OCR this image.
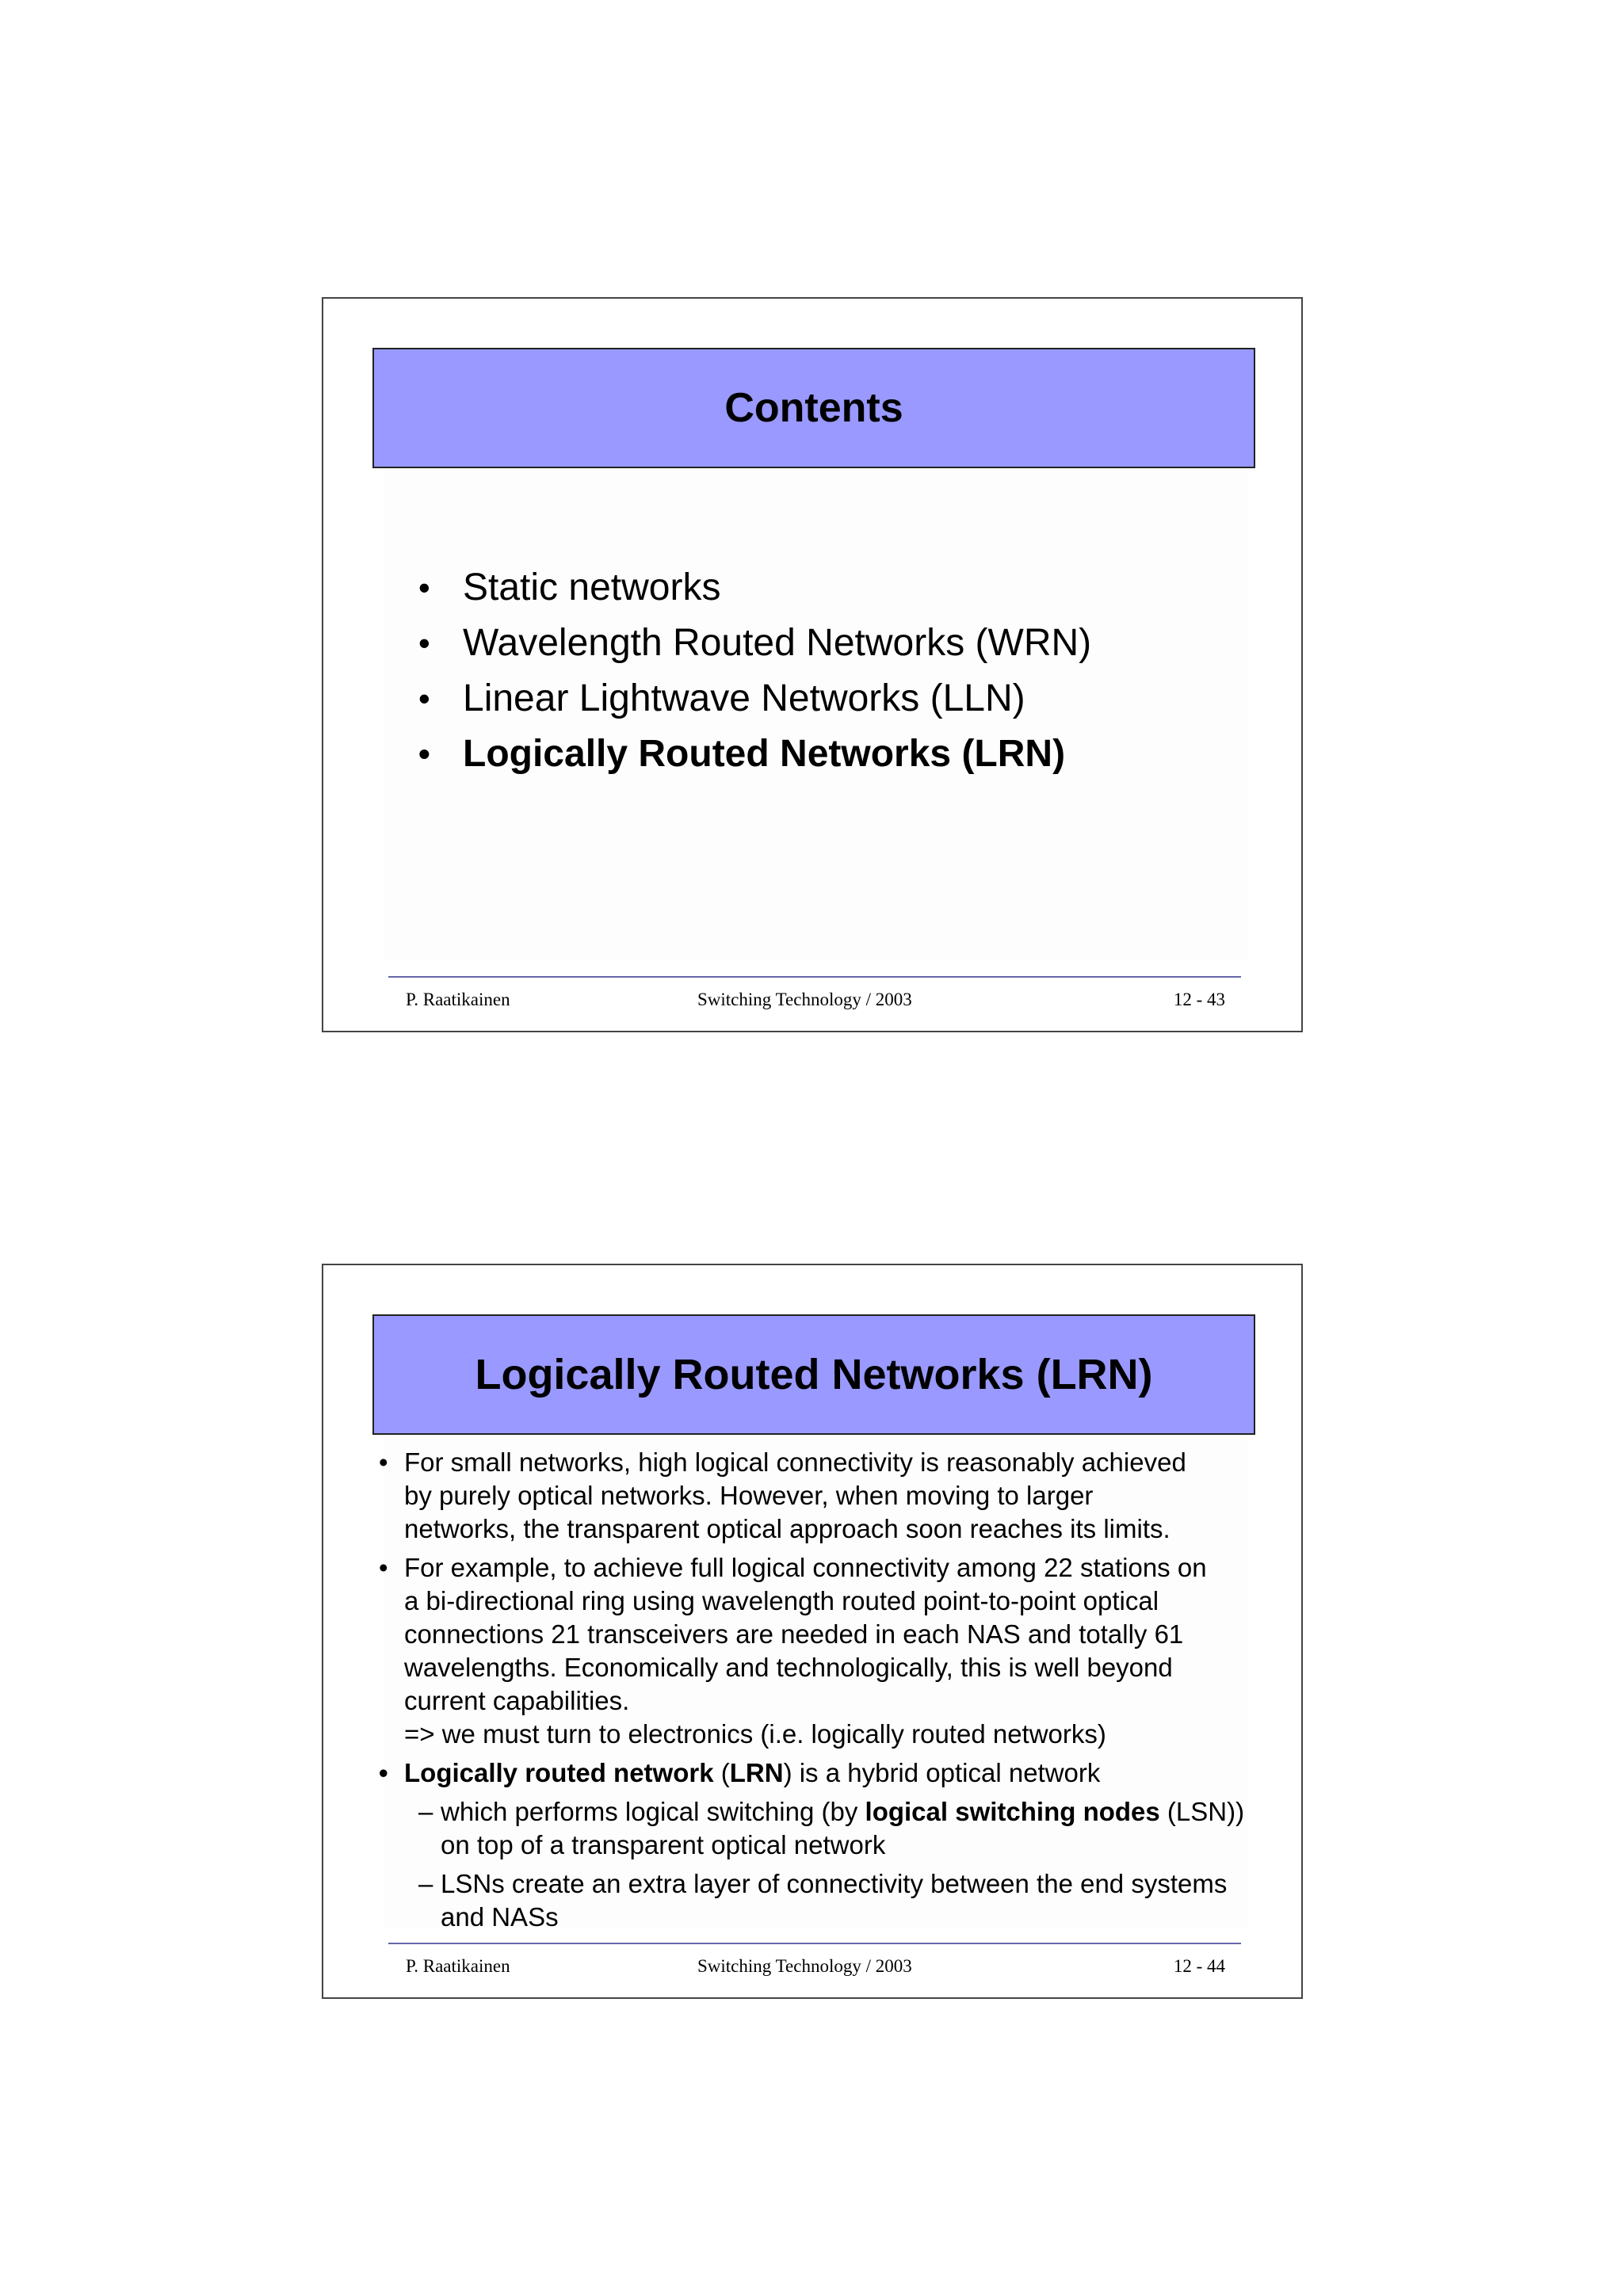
Contents
• Static networks
• Wavelength Routed Networks (WRN)
• Linear Lightwave Networks (LLN)
• Logically Routed Networks (LRN)
P. Raatikainen	Switching Technology / 2003	12 - 43
Logically Routed Networks (LRN)
• For small networks, high logical connectivity is reasonably achieved
by purely optical networks. However, when moving to larger
networks, the transparent optical approach soon reaches its limits.
• For example, to achieve full logical connectivity among 22 stations on
a bi-directional ring using wavelength routed point-to-point optical
connections 21 transceivers are needed in each NAS and totally 61
wavelengths. Economically and technologically, this is well beyond
current capabilities.
=> we must turn to electronics (i.e. logically routed networks)
• Logically routed network (LRN) is a hybrid optical network
– which performs logical switching (by logical switching nodes (LSN)) on top of a transparent optical network
– LSNs create an extra layer of connectivity between the end systems and NASs
P. Raatikainen	Switching Technology / 2003	12 - 44
